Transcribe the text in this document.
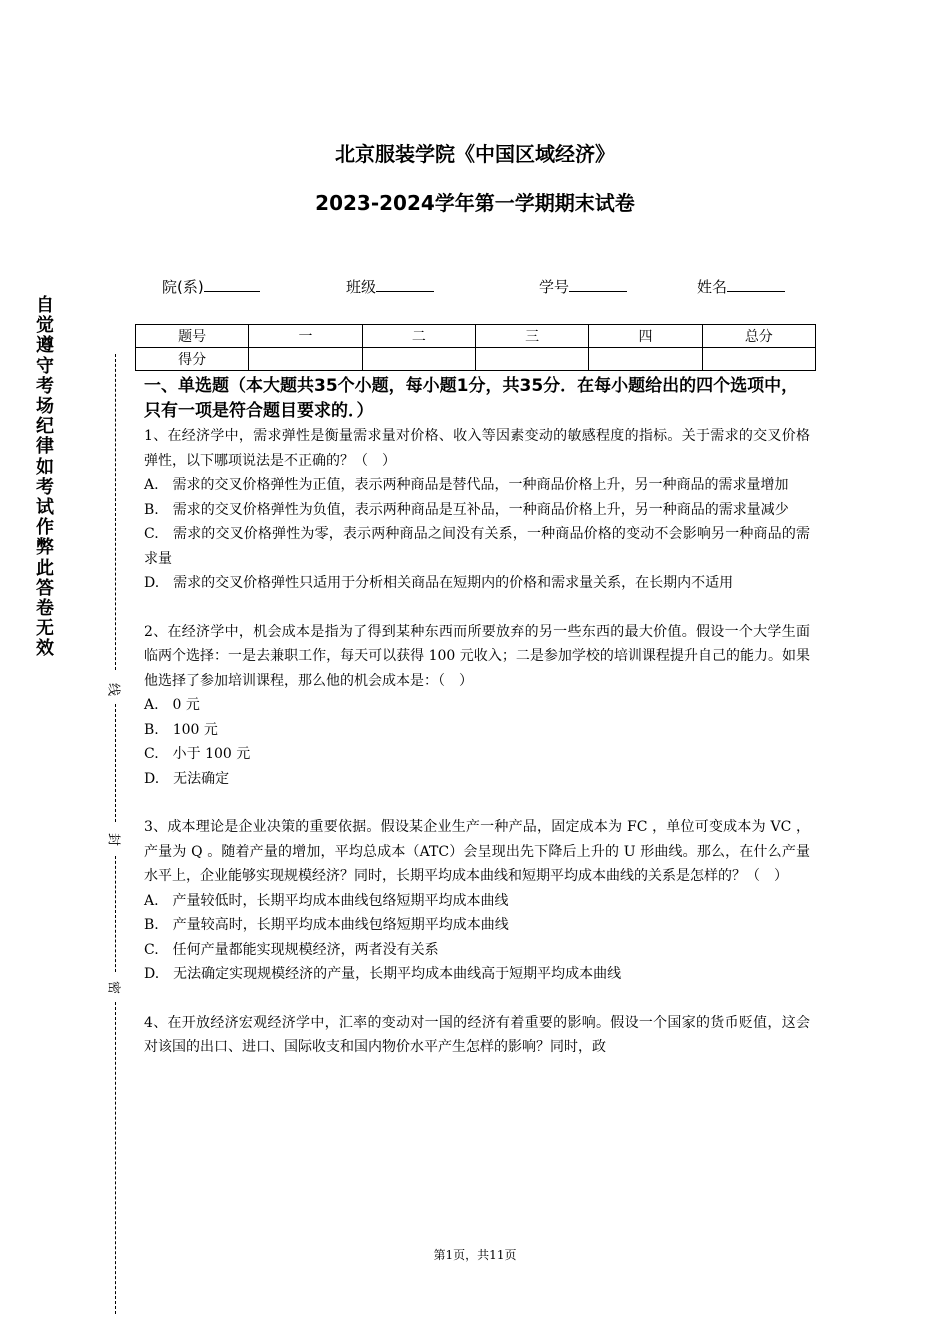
北京服装学院《中国区域经济》
2023-2024学年第一学期期末试卷
院(系)	班级	学号	姓名
题号	一	二	三	四	总分
得分					
自
觉
遵
守
考
场
纪
律
如
考
试
作
弊
此
答
卷
无
效
线
封
密
一、单选题（本大题共35个小题，每小题1分，共35分．在每小题给出的四个选项中，只有一项是符合题目要求的．）
1、在经济学中，需求弹性是衡量需求量对价格、收入等因素变动的敏感程度的指标。关于需求的交叉价格弹性，以下哪项说法是不正确的？（　）
A.　需求的交叉价格弹性为正值，表示两种商品是替代品，一种商品价格上升，另一种商品的需求量增加
B.　需求的交叉价格弹性为负值，表示两种商品是互补品，一种商品价格上升，另一种商品的需求量减少
C.　需求的交叉价格弹性为零，表示两种商品之间没有关系，一种商品价格的变动不会影响另一种商品的需求量
D.　需求的交叉价格弹性只适用于分析相关商品在短期内的价格和需求量关系，在长期内不适用
2、在经济学中，机会成本是指为了得到某种东西而所要放弃的另一些东西的最大价值。假设一个大学生面临两个选择：一是去兼职工作，每天可以获得 100 元收入；二是参加学校的培训课程提升自己的能力。如果他选择了参加培训课程，那么他的机会成本是：（　）
A.　0 元
B.　100 元
C.　小于 100 元
D.　无法确定
3、成本理论是企业决策的重要依据。假设某企业生产一种产品，固定成本为 FC ，单位可变成本为 VC ，产量为 Q 。随着产量的增加，平均总成本（ATC）会呈现出先下降后上升的 U 形曲线。那么，在什么产量水平上，企业能够实现规模经济？同时，长期平均成本曲线和短期平均成本曲线的关系是怎样的？（　）
A.　产量较低时，长期平均成本曲线包络短期平均成本曲线
B.　产量较高时，长期平均成本曲线包络短期平均成本曲线
C.　任何产量都能实现规模经济，两者没有关系
D.　无法确定实现规模经济的产量，长期平均成本曲线高于短期平均成本曲线
4、在开放经济宏观经济学中，汇率的变动对一国的经济有着重要的影响。假设一个国家的货币贬值，这会对该国的出口、进口、国际收支和国内物价水平产生怎样的影响？同时，政
第1页，共11页
